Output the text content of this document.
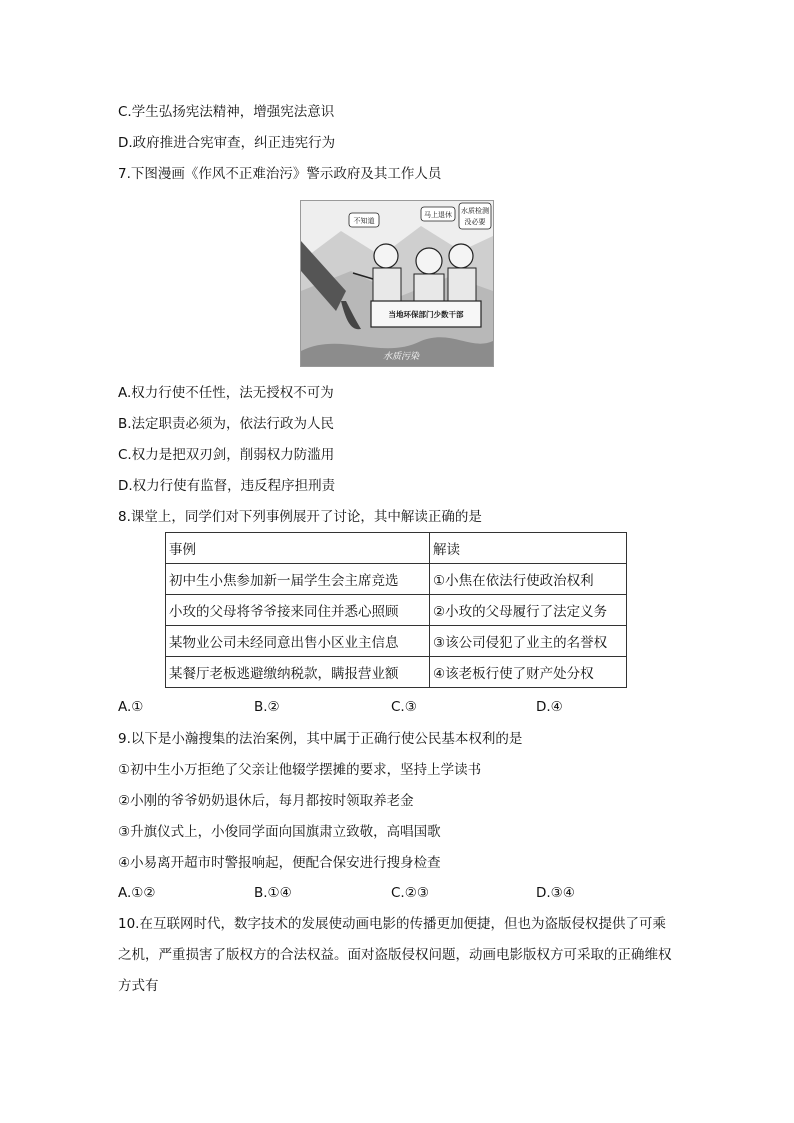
C.学生弘扬宪法精神，增强宪法意识
D.政府推进合宪审查，纠正违宪行为
7.下图漫画《作风不正难治污》警示政府及其工作人员
不知道
马上退休 水质检测
没必要
当地环保部门少数干部
水质污染
A.权力行使不任性，法无授权不可为
B.法定职责必须为，依法行政为人民
C.权力是把双刃剑，削弱权力防滥用
D.权力行使有监督，违反程序担刑责
8.课堂上，同学们对下列事例展开了讨论，其中解读正确的是
事例	解读
初中生小焦参加新一届学生会主席竞选	①小焦在依法行使政治权利
小玫的父母将爷爷接来同住并悉心照顾	②小玫的父母履行了法定义务
某物业公司未经同意出售小区业主信息	③该公司侵犯了业主的名誉权
某餐厅老板逃避缴纳税款，瞒报营业额	④该老板行使了财产处分权
A.①	B.②	C.③	D.④
9.以下是小瀚搜集的法治案例，其中属于正确行使公民基本权利的是
①初中生小万拒绝了父亲让他辍学摆摊的要求，坚持上学读书
②小刚的爷爷奶奶退休后，每月都按时领取养老金
③升旗仪式上，小俊同学面向国旗肃立致敬，高唱国歌
④小易离开超市时警报响起，便配合保安进行搜身检查
A.①②	B.①④	C.②③	D.③④
10.在互联网时代，数字技术的发展使动画电影的传播更加便捷，但也为盗版侵权提供了可乘之机，严重损害了版权方的合法权益。面对盗版侵权问题，动画电影版权方可采取的正确维权方式有
